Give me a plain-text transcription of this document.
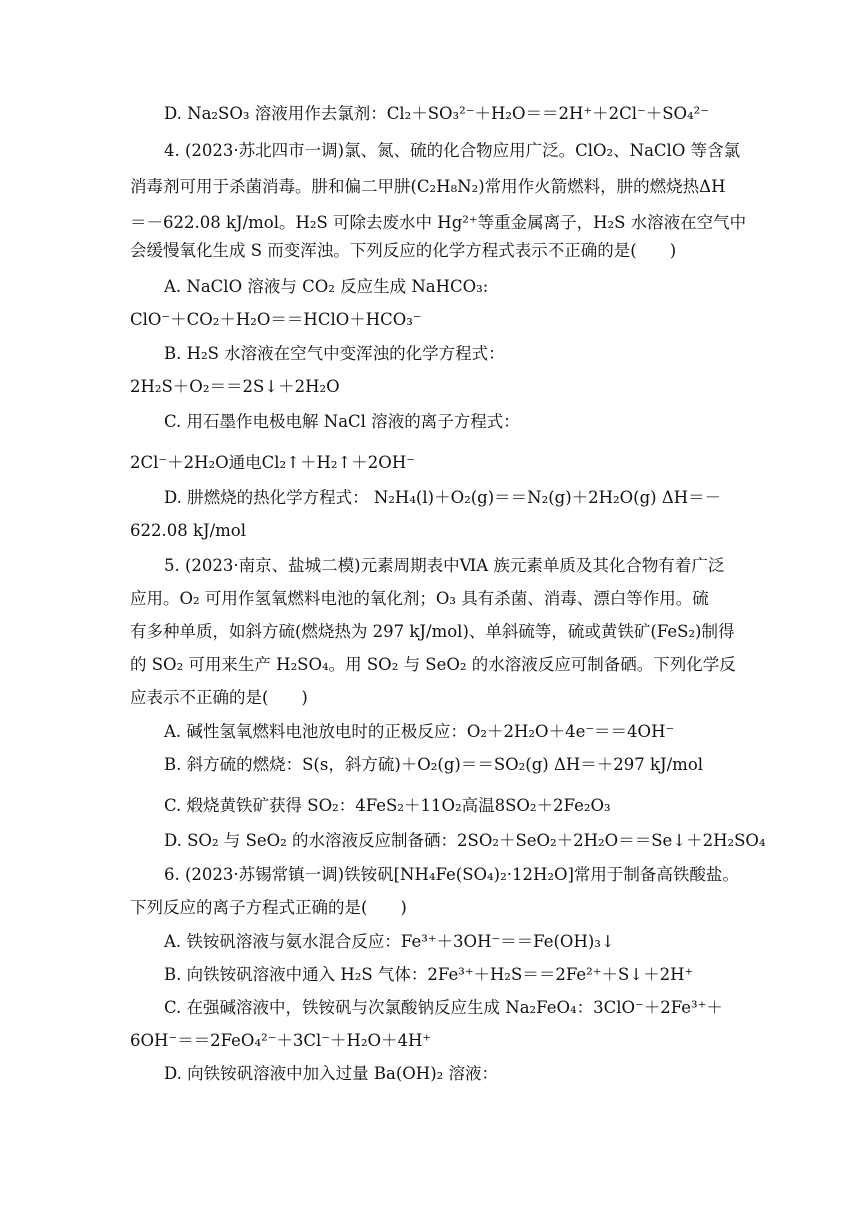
D. Na₂SO₃ 溶液用作去氯剂：Cl₂＋SO₃²⁻＋H₂O＝＝2H⁺＋2Cl⁻＋SO₄²⁻
4. (2023·苏北四市一调)氯、氮、硫的化合物应用广泛。ClO₂、NaClO 等含氯
消毒剂可用于杀菌消毒。肼和偏二甲肼(C₂H₈N₂)常用作火箭燃料，肼的燃烧热ΔH
＝－622.08 kJ/mol。H₂S 可除去废水中 Hg²⁺等重金属离子，H₂S 水溶液在空气中
会缓慢氧化生成 S 而变浑浊。下列反应的化学方程式表示不正确的是(　　)
A. NaClO 溶液与 CO₂ 反应生成 NaHCO₃:
ClO⁻＋CO₂＋H₂O＝＝HClO＋HCO₃⁻
B. H₂S 水溶液在空气中变浑浊的化学方程式：
2H₂S＋O₂＝＝2S↓＋2H₂O
C. 用石墨作电极电解 NaCl 溶液的离子方程式：
2Cl⁻＋2H₂O通电Cl₂↑＋H₂↑＋2OH⁻
D. 肼燃烧的热化学方程式： N₂H₄(l)＋O₂(g)＝＝N₂(g)＋2H₂O(g) ΔH＝－
622.08 kJ/mol
5. (2023·南京、盐城二模)元素周期表中ⅥA 族元素单质及其化合物有着广泛
应用。O₂ 可用作氢氧燃料电池的氧化剂；O₃ 具有杀菌、消毒、漂白等作用。硫
有多种单质，如斜方硫(燃烧热为 297 kJ/mol)、单斜硫等，硫或黄铁矿(FeS₂)制得
的 SO₂ 可用来生产 H₂SO₄。用 SO₂ 与 SeO₂ 的水溶液反应可制备硒。下列化学反
应表示不正确的是(　　)
A. 碱性氢氧燃料电池放电时的正极反应：O₂＋2H₂O＋4e⁻＝＝4OH⁻
B. 斜方硫的燃烧：S(s，斜方硫)＋O₂(g)＝＝SO₂(g) ΔH＝＋297 kJ/mol
C. 煅烧黄铁矿获得 SO₂：4FeS₂＋11O₂高温8SO₂＋2Fe₂O₃
D. SO₂ 与 SeO₂ 的水溶液反应制备硒：2SO₂＋SeO₂＋2H₂O＝＝Se↓＋2H₂SO₄
6. (2023·苏锡常镇一调)铁铵矾[NH₄Fe(SO₄)₂·12H₂O]常用于制备高铁酸盐。
下列反应的离子方程式正确的是(　　)
A. 铁铵矾溶液与氨水混合反应：Fe³⁺＋3OH⁻＝＝Fe(OH)₃↓
B. 向铁铵矾溶液中通入 H₂S 气体：2Fe³⁺＋H₂S＝＝2Fe²⁺＋S↓＋2H⁺
C. 在强碱溶液中，铁铵矾与次氯酸钠反应生成 Na₂FeO₄：3ClO⁻＋2Fe³⁺＋
6OH⁻＝＝2FeO₄²⁻＋3Cl⁻＋H₂O＋4H⁺
D. 向铁铵矾溶液中加入过量 Ba(OH)₂ 溶液：
